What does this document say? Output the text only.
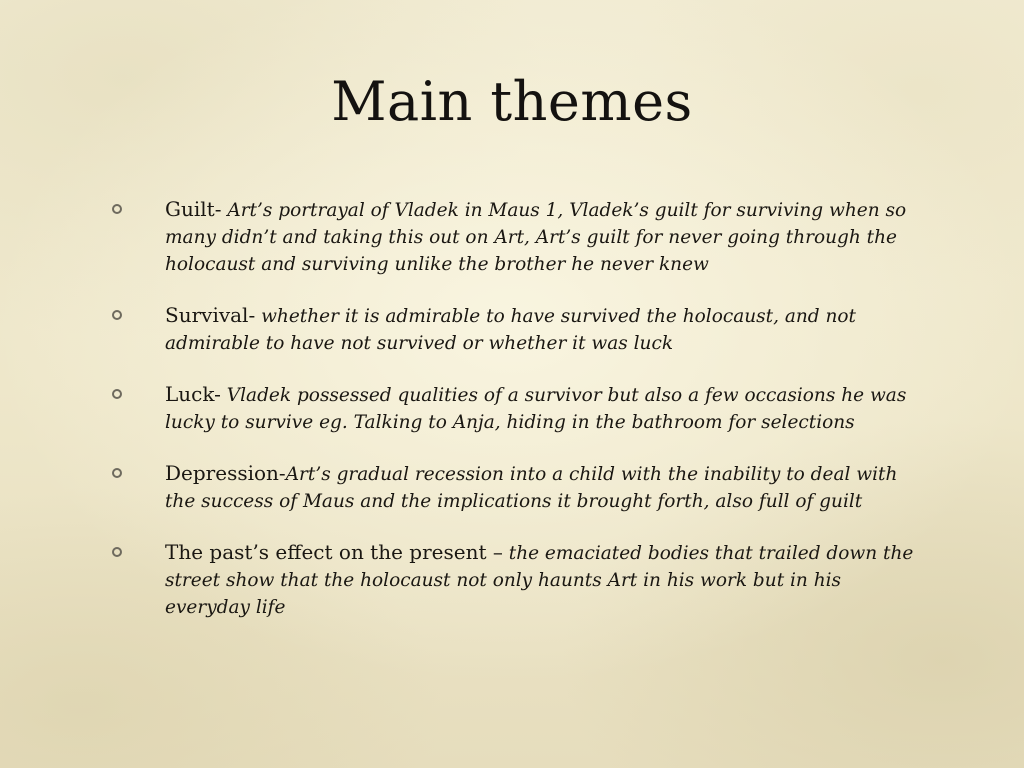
Main themes
Guilt- Art’s portrayal of Vladek in Maus 1, Vladek’s guilt for surviving when so many didn’t and taking this out on Art, Art’s guilt for never going through the holocaust and surviving unlike the brother he never knew
Survival- whether it is admirable to have survived the holocaust, and not admirable to have not survived or whether it was luck
Luck- Vladek possessed qualities of a survivor but also a few occasions he was lucky to survive eg. Talking to Anja, hiding in the bathroom for selections
Depression-Art’s gradual recession into a child with the inability to deal with the success of Maus and the implications it brought forth, also full of guilt
The past’s effect on the present – the emaciated bodies that trailed down the street show that the holocaust not only haunts Art in his work but in his everyday life
